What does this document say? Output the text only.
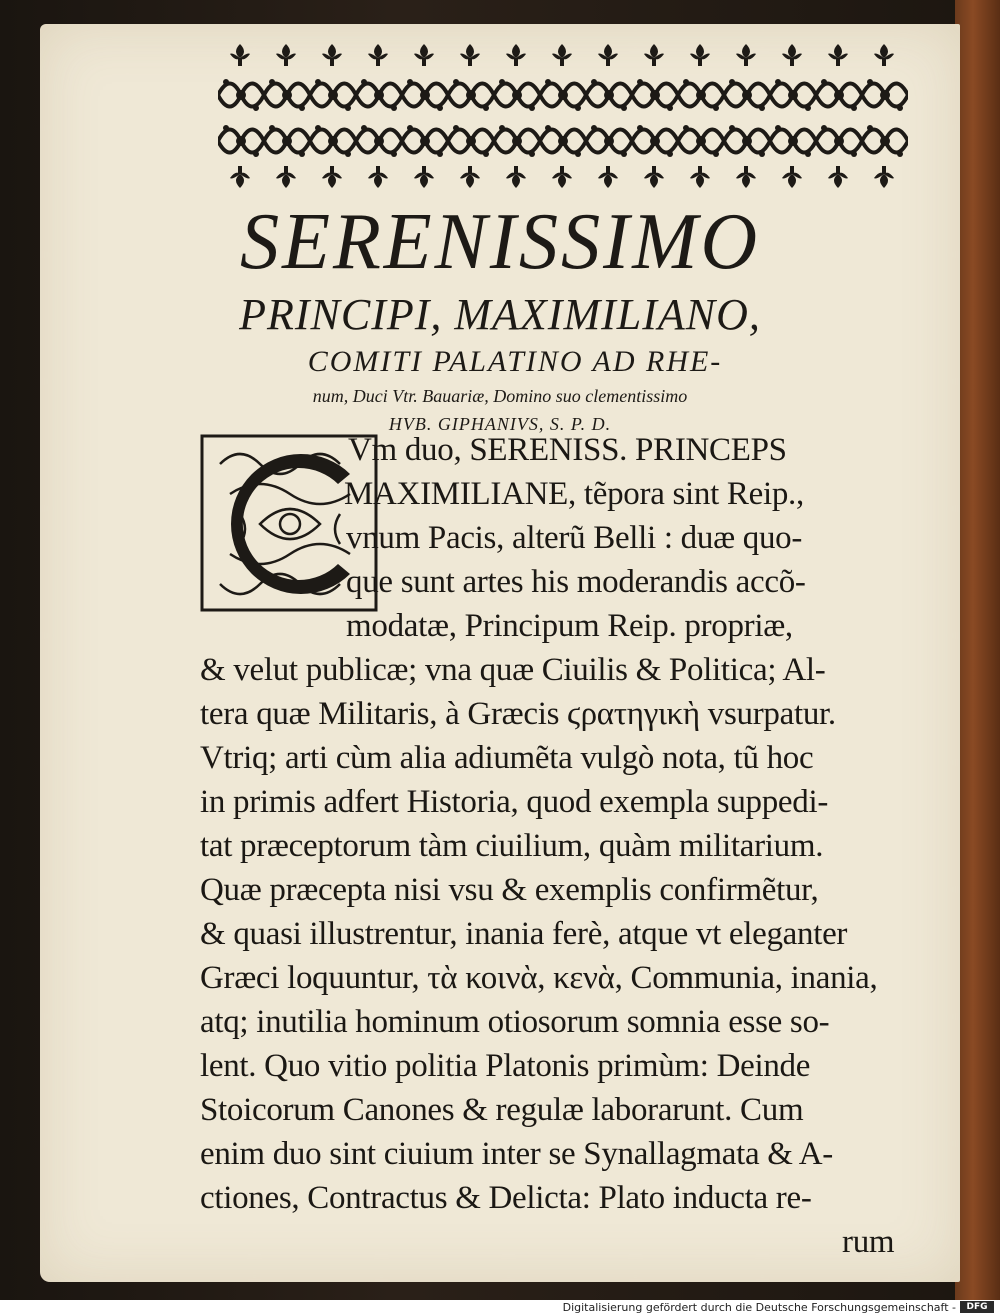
SERENISSIMO
PRINCIPI, MAXIMILIANO,
COMITI PALATINO AD RHE-
num, Duci Vtr. Bauariæ, Domino suo clementissimo
HVB. GIPHANIVS, S. P. D.
Vm duo, SERENISS. PRINCEPS
MAXIMILIANE, tẽpora sint Reip.,
vnum Pacis, alterũ Belli : duæ quo-
que sunt artes his moderandis accõ-
modatæ, Principum Reip. propriæ,
& velut publicæ; vna quæ Ciuilis & Politica; Al-
tera quæ Militaris, à Græcis ϛρατηγικὴ vsurpatur.
Vtriq; arti cùm alia adiumẽta vulgò nota, tũ hoc
in primis adfert Historia, quod exempla suppedi-
tat præceptorum tàm ciuilium, quàm militarium.
Quæ præcepta nisi vsu & exemplis confirmẽtur,
& quasi illustrentur, inania ferè, atque vt eleganter
Græci loquuntur, τὰ κοινὰ, κενὰ, Communia, inania,
atq; inutilia hominum otiosorum somnia esse so-
lent. Quo vitio politia Platonis primùm: Deinde
Stoicorum Canones & regulæ laborarunt. Cum
enim duo sint ciuium inter se Synallagmata & A-
ctiones, Contractus & Delicta: Plato inducta re-
rum
Digitalisierung gefördert durch die Deutsche Forschungsgemeinschaft -	DFG
